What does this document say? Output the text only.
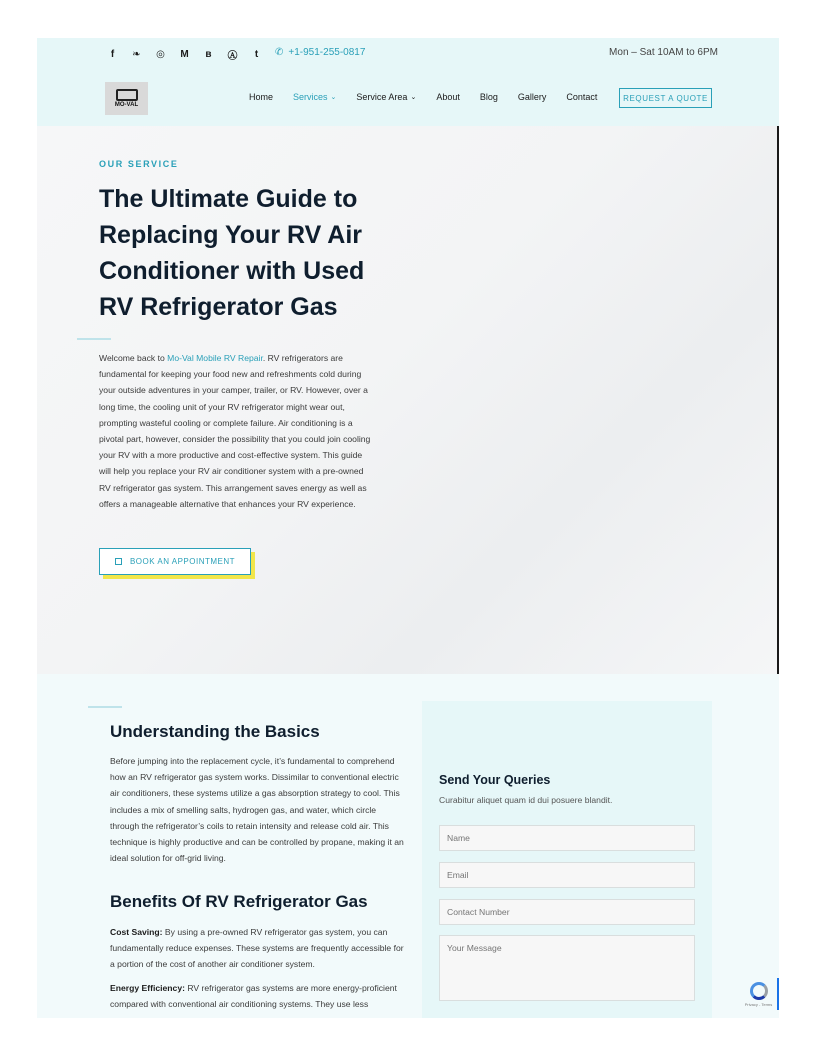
f	❧	◎	M	в	Ⓐ	t	✆ +1-951-255-0817	Mon – Sat 10AM to 6PM
MO-VAL
Home Services ⌄ Service Area ⌄ About Blog Gallery Contact	REQUEST A QUOTE
OUR SERVICE
The Ultimate Guide to Replacing Your RV Air Conditioner with Used RV Refrigerator Gas

Welcome back to Mo-Val Mobile RV Repair. RV refrigerators are fundamental for keeping your food new and refreshments cold during your outside adventures in your camper, trailer, or RV. However, over a long time, the cooling unit of your RV refrigerator might wear out, prompting wasteful cooling or complete failure. Air conditioning is a pivotal part, however, consider the possibility that you could join cooling your RV with a more productive and cost-effective system. This guide will help you replace your RV air conditioner system with a pre-owned RV refrigerator gas system. This arrangement saves energy as well as offers a manageable alternative that enhances your RV experience.

BOOK AN APPOINTMENT
Understanding the Basics

Before jumping into the replacement cycle, it’s fundamental to comprehend how an RV refrigerator gas system works. Dissimilar to conventional electric air conditioners, these systems utilize a gas absorption strategy to cool. This includes a mix of smelling salts, hydrogen gas, and water, which circle through the refrigerator’s coils to retain intensity and release cold air. This technique is highly productive and can be controlled by propane, making it an ideal solution for off-grid living.

Benefits Of RV Refrigerator Gas

Cost Saving: By using a pre-owned RV refrigerator gas system, you can fundamentally reduce expenses. These systems are frequently accessible for a portion of the cost of another air conditioner system.

Energy Efficiency: RV refrigerator gas systems are more energy-proficient compared with conventional air conditioning systems. They use less

Send Your Queries
Curabitur aliquet quam id dui posuere blandit.
Name
Email
Contact Number
Your Message
Privacy - Terms
